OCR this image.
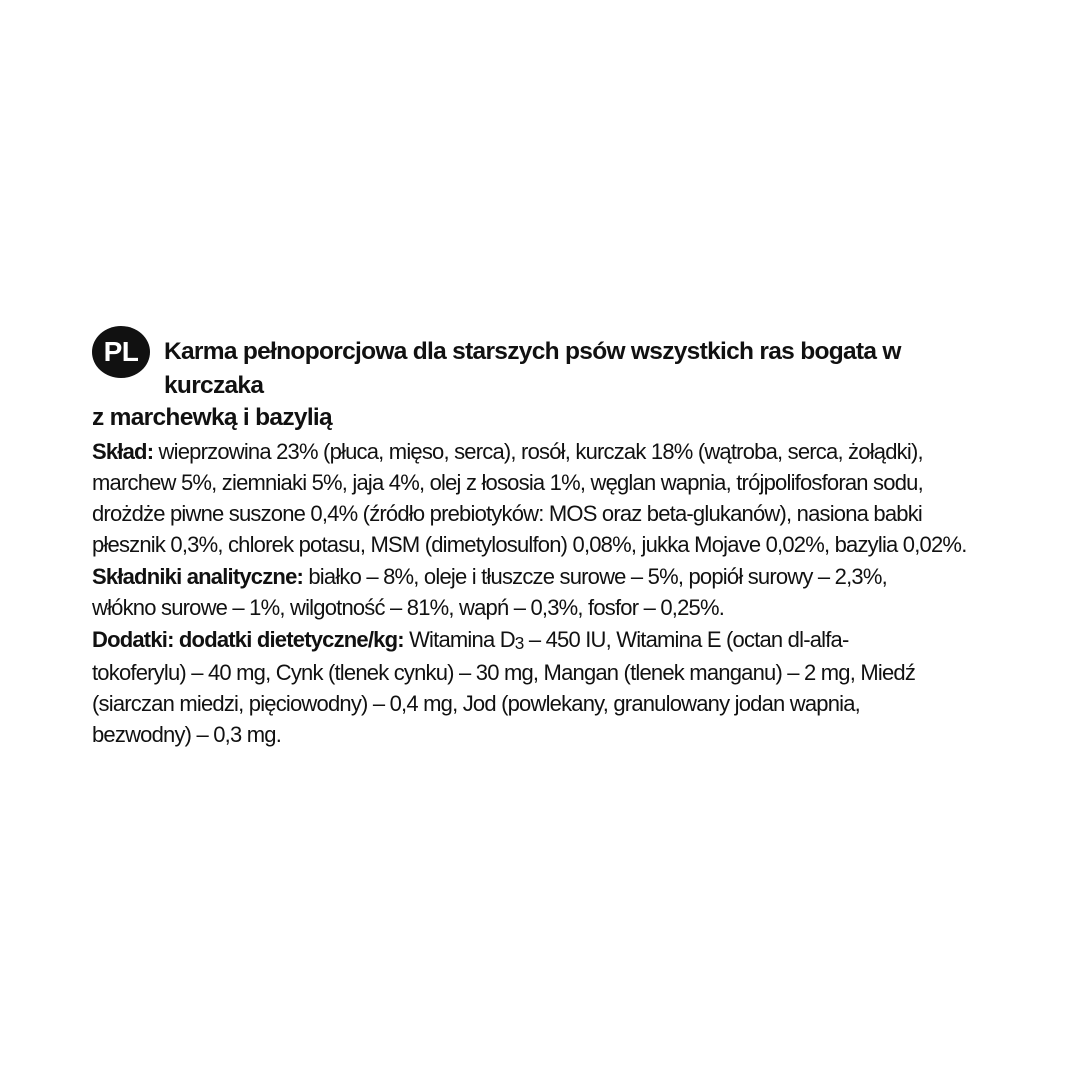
PL	Karma pełnoporcjowa dla starszych psów wszystkich ras bogata w kurczaka
z marchewką i bazylią
Skład: wieprzowina 23% (płuca, mięso, serca), rosół, kurczak 18% (wątroba, serca, żołądki),
marchew 5%, ziemniaki 5%, jaja 4%, olej z łososia 1%, węglan wapnia, trójpolifosforan sodu,
drożdże piwne suszone 0,4% (źródło prebiotyków: MOS oraz beta-glukanów), nasiona babki
płesznik 0,3%, chlorek potasu, MSM (dimetylosulfon) 0,08%, jukka Mojave 0,02%, bazylia 0,02%.
Składniki analityczne: białko – 8%, oleje i tłuszcze surowe – 5%, popiół surowy – 2,3%,
włókno surowe – 1%, wilgotność – 81%, wapń – 0,3%, fosfor – 0,25%.
Dodatki: dodatki dietetyczne/kg: Witamina D3 – 450 IU, Witamina E (octan dl-alfa-
tokoferylu) – 40 mg, Cynk (tlenek cynku) – 30 mg, Mangan (tlenek manganu) – 2 mg, Miedź
(siarczan miedzi, pięciowodny) – 0,4 mg, Jod (powlekany, granulowany jodan wapnia,
bezwodny) – 0,3 mg.
